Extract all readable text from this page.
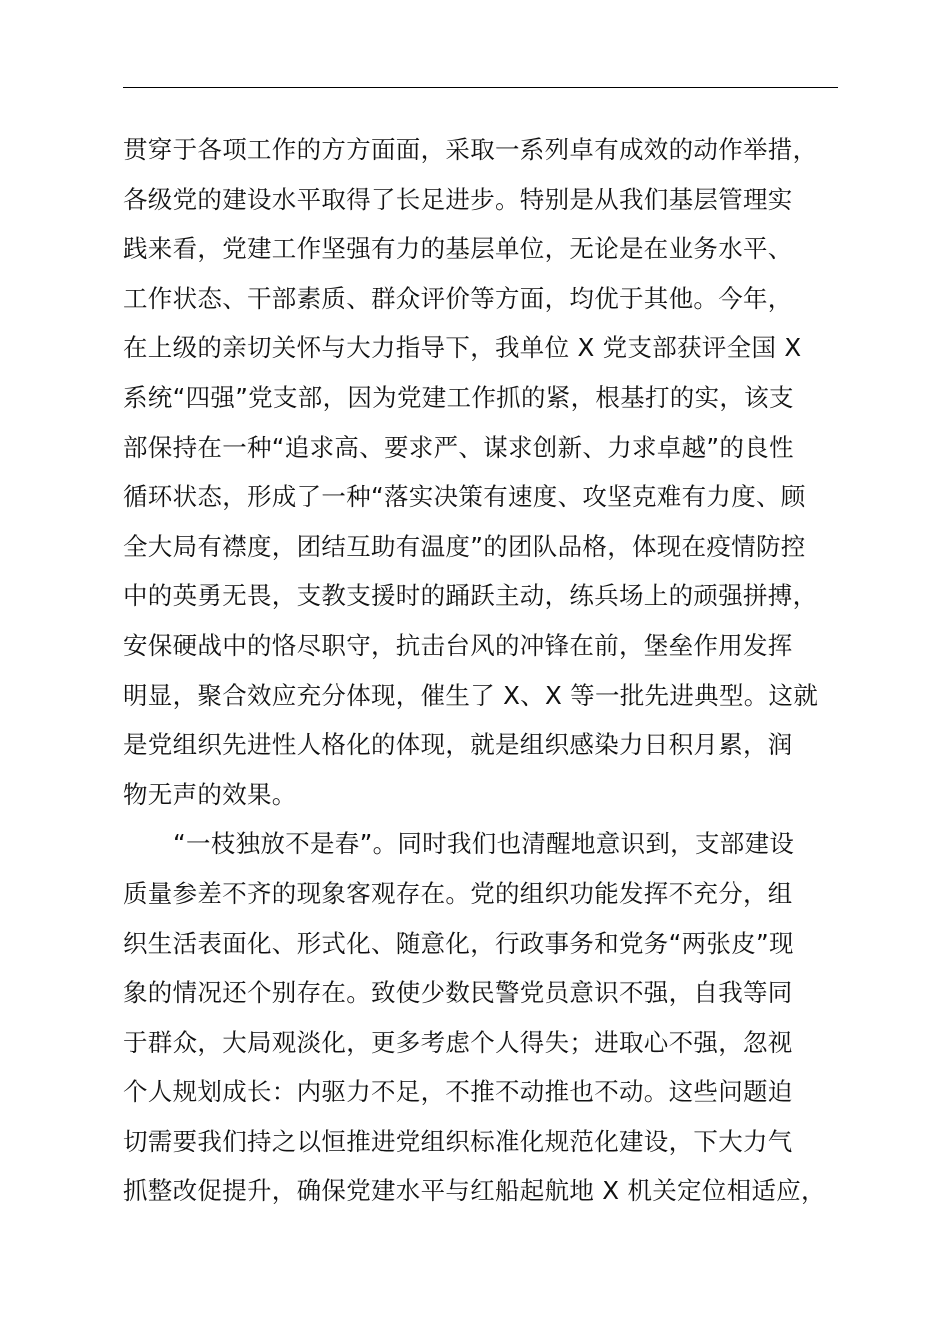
贯穿于各项工作的方方面面，采取一系列卓有成效的动作举措，
各级党的建设水平取得了长足进步。特别是从我们基层管理实
践来看，党建工作坚强有力的基层单位，无论是在业务水平、
工作状态、干部素质、群众评价等方面，均优于其他。今年，
在上级的亲切关怀与大力指导下，我单位 X 党支部获评全国 X
系统“四强”党支部，因为党建工作抓的紧，根基打的实，该支
部保持在一种“追求高、要求严、谋求创新、力求卓越”的良性
循环状态，形成了一种“落实决策有速度、攻坚克难有力度、顾
全大局有襟度，团结互助有温度”的团队品格，体现在疫情防控
中的英勇无畏，支教支援时的踊跃主动，练兵场上的顽强拼搏，
安保硬战中的恪尽职守，抗击台风的冲锋在前，堡垒作用发挥
明显，聚合效应充分体现，催生了 X、X 等一批先进典型。这就
是党组织先进性人格化的体现，就是组织感染力日积月累，润
物无声的效果。
“一枝独放不是春”。同时我们也清醒地意识到，支部建设
质量参差不齐的现象客观存在。党的组织功能发挥不充分，组
织生活表面化、形式化、随意化，行政事务和党务“两张皮”现
象的情况还个别存在。致使少数民警党员意识不强，自我等同
于群众，大局观淡化，更多考虑个人得失；进取心不强，忽视
个人规划成长：内驱力不足，不推不动推也不动。这些问题迫
切需要我们持之以恒推进党组织标准化规范化建设，下大力气
抓整改促提升，确保党建水平与红船起航地 X 机关定位相适应，
